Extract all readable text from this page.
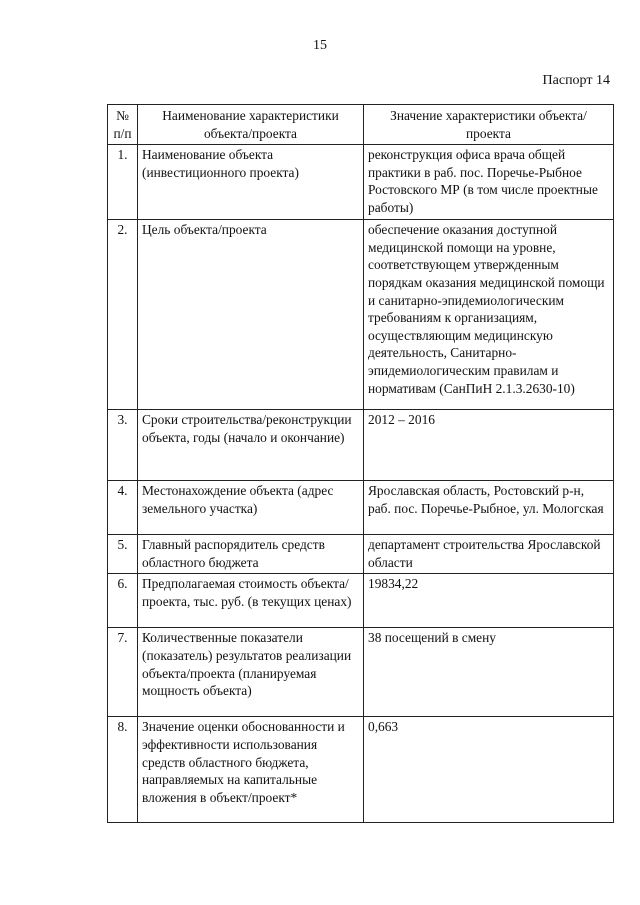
15
Паспорт 14
№ п/п	Наименование характеристики объекта/проекта	Значение характеристики объекта/проекта
1.	Наименование объекта (инвестиционного проекта)	реконструкция офиса врача общей практики в раб. пос. Поречье-Рыбное Ростовского МР (в том числе проектные работы)
2.	Цель объекта/проекта	обеспечение оказания доступной медицинской помощи на уровне, соответствующем утвержденным порядкам оказания медицинской помощи и санитарно-эпидемиологическим требованиям к организациям, осуществляющим медицинскую деятельность, Санитарно-эпидемиологическим правилам и нормативам (СанПиН 2.1.3.2630-10)
3.	Сроки строительства/реконструкции объекта, годы (начало и окончание)	2012 – 2016
4.	Местонахождение объекта (адрес земельного участка)	Ярославская область, Ростовский р-н, раб. пос. Поречье-Рыбное, ул. Мологская
5.	Главный распорядитель средств областного бюджета	департамент строительства Ярославской области
6.	Предполагаемая стоимость объекта/проекта, тыс. руб. (в текущих ценах)	19834,22
7.	Количественные показатели (показатель) результатов реализации объекта/проекта (планируемая мощность объекта)	38 посещений в смену
8.	Значение оценки обоснованности и эффективности использования средств областного бюджета, направляемых на капитальные вложения в объект/проект*	0,663
